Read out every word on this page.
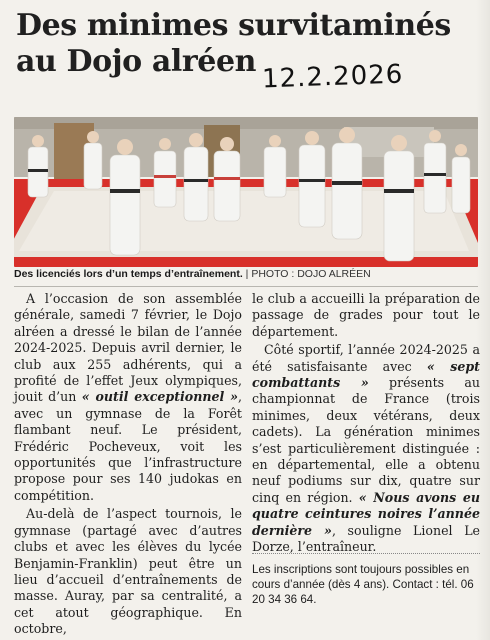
Des minimes survitaminés
au Dojo alréen 12.2.2026
Des licenciés lors d’un temps d’entraînement. | PHOTO : DOJO ALRÉEN

A l’occasion de son assemblée générale, samedi 7 février, le Dojo alréen a dressé le bilan de l’année 2024-2025. Depuis avril dernier, le club aux 255 adhérents, qui a profité de l’effet Jeux olympiques, jouit d’un « outil exceptionnel », avec un gymnase de la Forêt flambant neuf. Le président, Frédéric Pocheveux, voit les opportunités que l’infrastructure propose pour ses 140 judokas en compétition.

Au-delà de l’aspect tournois, le gymnase (partagé avec d’autres clubs et avec les élèves du lycée Benjamin-Franklin) peut être un lieu d’accueil d’entraînements de masse. Auray, par sa centralité, a cet atout géographique. En octobre,

le club a accueilli la préparation de passage de grades pour tout le département.

Côté sportif, l’année 2024-2025 a été satisfaisante avec « sept combattants » présents au championnat de France (trois minimes, deux vétérans, deux cadets). La génération minimes s’est particulièrement distinguée : en départemental, elle a obtenu neuf podiums sur dix, quatre sur cinq en région. « Nous avons eu quatre ceintures noires l’année dernière », souligne Lionel Le Dorze, l’entraîneur.

Les inscriptions sont toujours possibles en cours d’année (dès 4 ans). Contact : tél. 06 20 34 36 64.
